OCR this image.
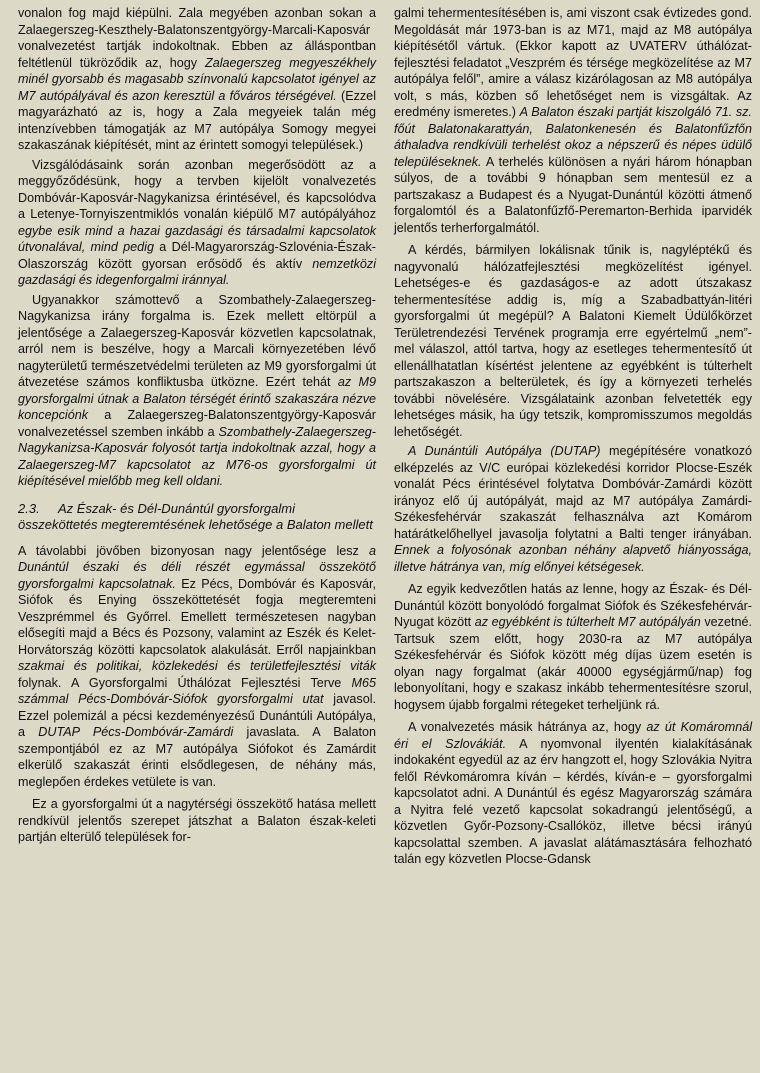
vonalon fog majd kiépülni. Zala megyében azonban sokan a Zalaegerszeg-Keszthely-Balatonszentgyörgy-Marcali-Kaposvár vonalvezetést tartják indokoltnak. Ebben az álláspontban feltétlenül tükröződik az, hogy Zalaegerszeg megyeszékhely minél gyorsabb és magasabb színvonalú kapcsolatot igényel az M7 autópályával és azon keresztül a főváros térségével. (Ezzel magyarázható az is, hogy a Zala megyeiek talán még intenzívebben támogatják az M7 autópálya Somogy megyei szakaszának kiépítését, mint az érintett somogyi települések.)

Vizsgálódásaink során azonban megerősödött az a meggyőződésünk, hogy a tervben kijelölt vonalvezetés Dombóvár-Kaposvár-Nagykanizsa érintésével, és kapcsolódva a Letenye-Tornyiszentmiklós vonalán kiépülő M7 autópályához egybe esik mind a hazai gazdasági és társadalmi kapcsolatok útvonalával, mind pedig a Dél-Magyarország-Szlovénia-Észak-Olaszország között gyorsan erősödő és aktív nemzetközi gazdasági és idegenforgalmi iránnyal.

Ugyanakkor számottevő a Szombathely-Zalaegerszeg-Nagykanizsa irány forgalma is. Ezek mellett eltörpül a jelentősége a Zalaegerszeg-Kaposvár közvetlen kapcsolatnak, arról nem is beszélve, hogy a Marcali környezetében lévő nagyterületű természetvédelmi területen az M9 gyorsforgalmi út átvezetése számos konfliktusba ütközne. Ezért tehát az M9 gyorsforgalmi útnak a Balaton térségét érintő szakaszára nézve koncepciónk a Zalaegerszeg-Balatonszentgyörgy-Kaposvár vonalvezetéssel szemben inkább a Szombathely-Zalaegerszeg-Nagykanizsa-Kaposvár folyosót tartja indokoltnak azzal, hogy a Zalaegerszeg-M7 kapcsolatot az M76-os gyorsforgalmi út kiépítésével mielőbb meg kell oldani.

2.3. Az Észak- és Dél-Dunántúl gyorsforgalmi összeköttetés megteremtésének lehetősége a Balaton mellett

A távolabbi jövőben bizonyosan nagy jelentősége lesz a Dunántúl északi és déli részét egymással összekötő gyorsforgalmi kapcsolatnak. Ez Pécs, Dombóvár és Kaposvár, Siófok és Enying összeköttetését fogja megteremteni Veszprémmel és Győrrel. Emellett természetesen nagyban elősegíti majd a Bécs és Pozsony, valamint az Eszék és Kelet-Horvátország közötti kapcsolatok alakulását. Erről napjainkban szakmai és politikai, közlekedési és területfejlesztési viták folynak. A Gyorsforgalmi Úthálózat Fejlesztési Terve M65 számmal Pécs-Dombóvár-Siófok gyorsforgalmi utat javasol. Ezzel polemizál a pécsi kezdeményezésű Dunántúli Autópálya, a DUTAP Pécs-Dombóvár-Zamárdi javaslata. A Balaton szempontjából ez az M7 autópálya Siófokot és Zamárdit elkerülő szakaszát érinti elsődlegesen, de néhány más, meglepően érdekes vetülete is van.

Ez a gyorsforgalmi út a nagytérségi összekötő hatása mellett rendkívül jelentős szerepet játszhat a Balaton észak-keleti partján elterülő települések for-

galmi tehermentesítésében is, ami viszont csak évtizedes gond. Megoldását már 1973-ban is az M71, majd az M8 autópálya kiépítésétől vártuk. (Ekkor kapott az UVATERV úthálózat-fejlesztési feladatot „Veszprém és térsége megközelítése az M7 autópálya felől”, amire a válasz kizárólagosan az M8 autópálya volt, s más, közben ső lehetőséget nem is vizsgáltak. Az eredmény ismeretes.) A Balaton északi partját kiszolgáló 71. sz. főút Balatonakarattyán, Balatonkenesén és Balatonfűzfőn áthaladva rendkívüli terhelést okoz a népszerű és népes üdülő településeknek. A terhelés különösen a nyári három hónapban súlyos, de a további 9 hónapban sem mentesül ez a partszakasz a Budapest és a Nyugat-Dunántúl közötti átmenő forgalomtól és a Balatonfűzfő-Peremarton-Berhida iparvidék jelentős terherforgalmától.

A kérdés, bármilyen lokálisnak tűnik is, nagyléptékű és nagyvonalú hálózatfejlesztési megközelítést igényel. Lehetséges-e és gazdaságos-e az adott útszakasz tehermentesítése addig is, míg a Szabadbattyán-litéri gyorsforgalmi út megépül? A Balatoni Kiemelt Üdülőkörzet Területrendezési Tervének programja erre egyértelmű „nem”-mel válaszol, attól tartva, hogy az esetleges tehermentesítő út ellenállhatatlan kísértést jelentene az egyébként is túlterhelt partszakaszon a belterületek, és így a környezeti terhelés további növelésére. Vizsgálataink azonban felvetették egy lehetséges másik, ha úgy tetszik, kompromisszumos megoldás lehetőségét.

A Dunántúli Autópálya (DUTAP) megépítésére vonatkozó elképzelés az V/C európai közlekedési korridor Plocse-Eszék vonalát Pécs érintésével folytatva Dombóvár-Zamárdi között irányoz elő új autópályát, majd az M7 autópálya Zamárdi-Székesfehérvár szakaszát felhasználva azt Komárom határátkelőhellyel javasolja folytatni a Balti tenger irányában. Ennek a folyosónak azonban néhány alapvető hiányossága, illetve hátránya van, míg előnyei kétségesek.

Az egyik kedvezőtlen hatás az lenne, hogy az Észak- és Dél-Dunántúl között bonyolódó forgalmat Siófok és Székesfehérvár-Nyugat között az egyébként is túlterhelt M7 autópályán vezetné. Tartsuk szem előtt, hogy 2030-ra az M7 autópálya Székesfehérvár és Siófok között még díjas üzem esetén is olyan nagy forgalmat (akár 40000 egységjármű/nap) fog lebonyolítani, hogy e szakasz inkább tehermentesítésre szorul, hogysem újabb forgalmi rétegeket terheljünk rá.

A vonalvezetés másik hátránya az, hogy az út Komáromnál éri el Szlovákiát. A nyomvonal ilyentén kialakításának indokaként egyedül az az érv hangzott el, hogy Szlovákia Nyitra felől Révkomáromra kíván – kérdés, kíván-e – gyorsforgalmi kapcsolatot adni. A Dunántúl és egész Magyarország számára a Nyitra felé vezető kapcsolat sokadrangú jelentőségű, a közvetlen Győr-Pozsony-Csallóköz, illetve bécsi irányú kapcsolattal szemben. A javaslat alátámasztására felhozható talán egy közvetlen Plocse-Gdansk
